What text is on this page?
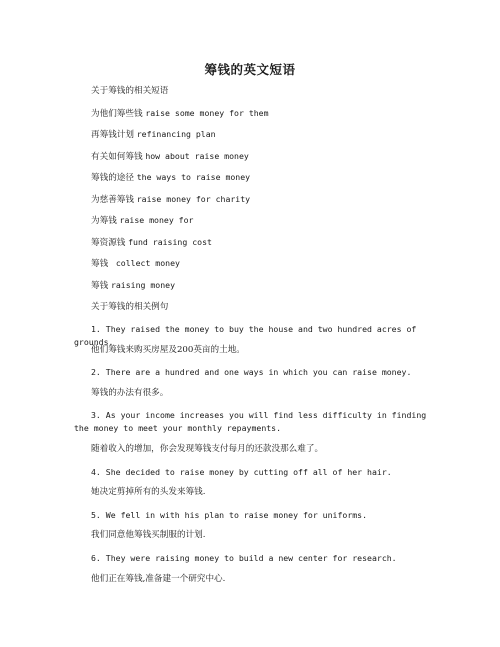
筹钱的英文短语
关于筹钱的相关短语
为他们筹些钱 raise some money for them
再筹钱计划 refinancing plan
有关如何筹钱 how about raise money
筹钱的途径 the ways to raise money
为慈善筹钱 raise money for charity
为筹钱 raise money for
筹资源钱 fund raising cost
筹钱  collect money
筹钱 raising money
关于筹钱的相关例句
1. They raised the money to buy the house and two hundred acres of grounds.
他们筹钱来购买房屋及200英亩的土地。
2. There are a hundred and one ways in which you can raise money.
筹钱的办法有很多。
3. As your income increases you will find less difficulty in finding the money to meet your monthly repayments.
随着收入的增加，你会发现筹钱支付每月的还款没那么难了。
4. She decided to raise money by cutting off all of her hair.
她决定剪掉所有的头发来筹钱.
5. We fell in with his plan to raise money for uniforms.
我们同意他筹钱买制服的计划.
6. They were raising money to build a new center for research.
他们正在筹钱,准备建一个研究中心.
